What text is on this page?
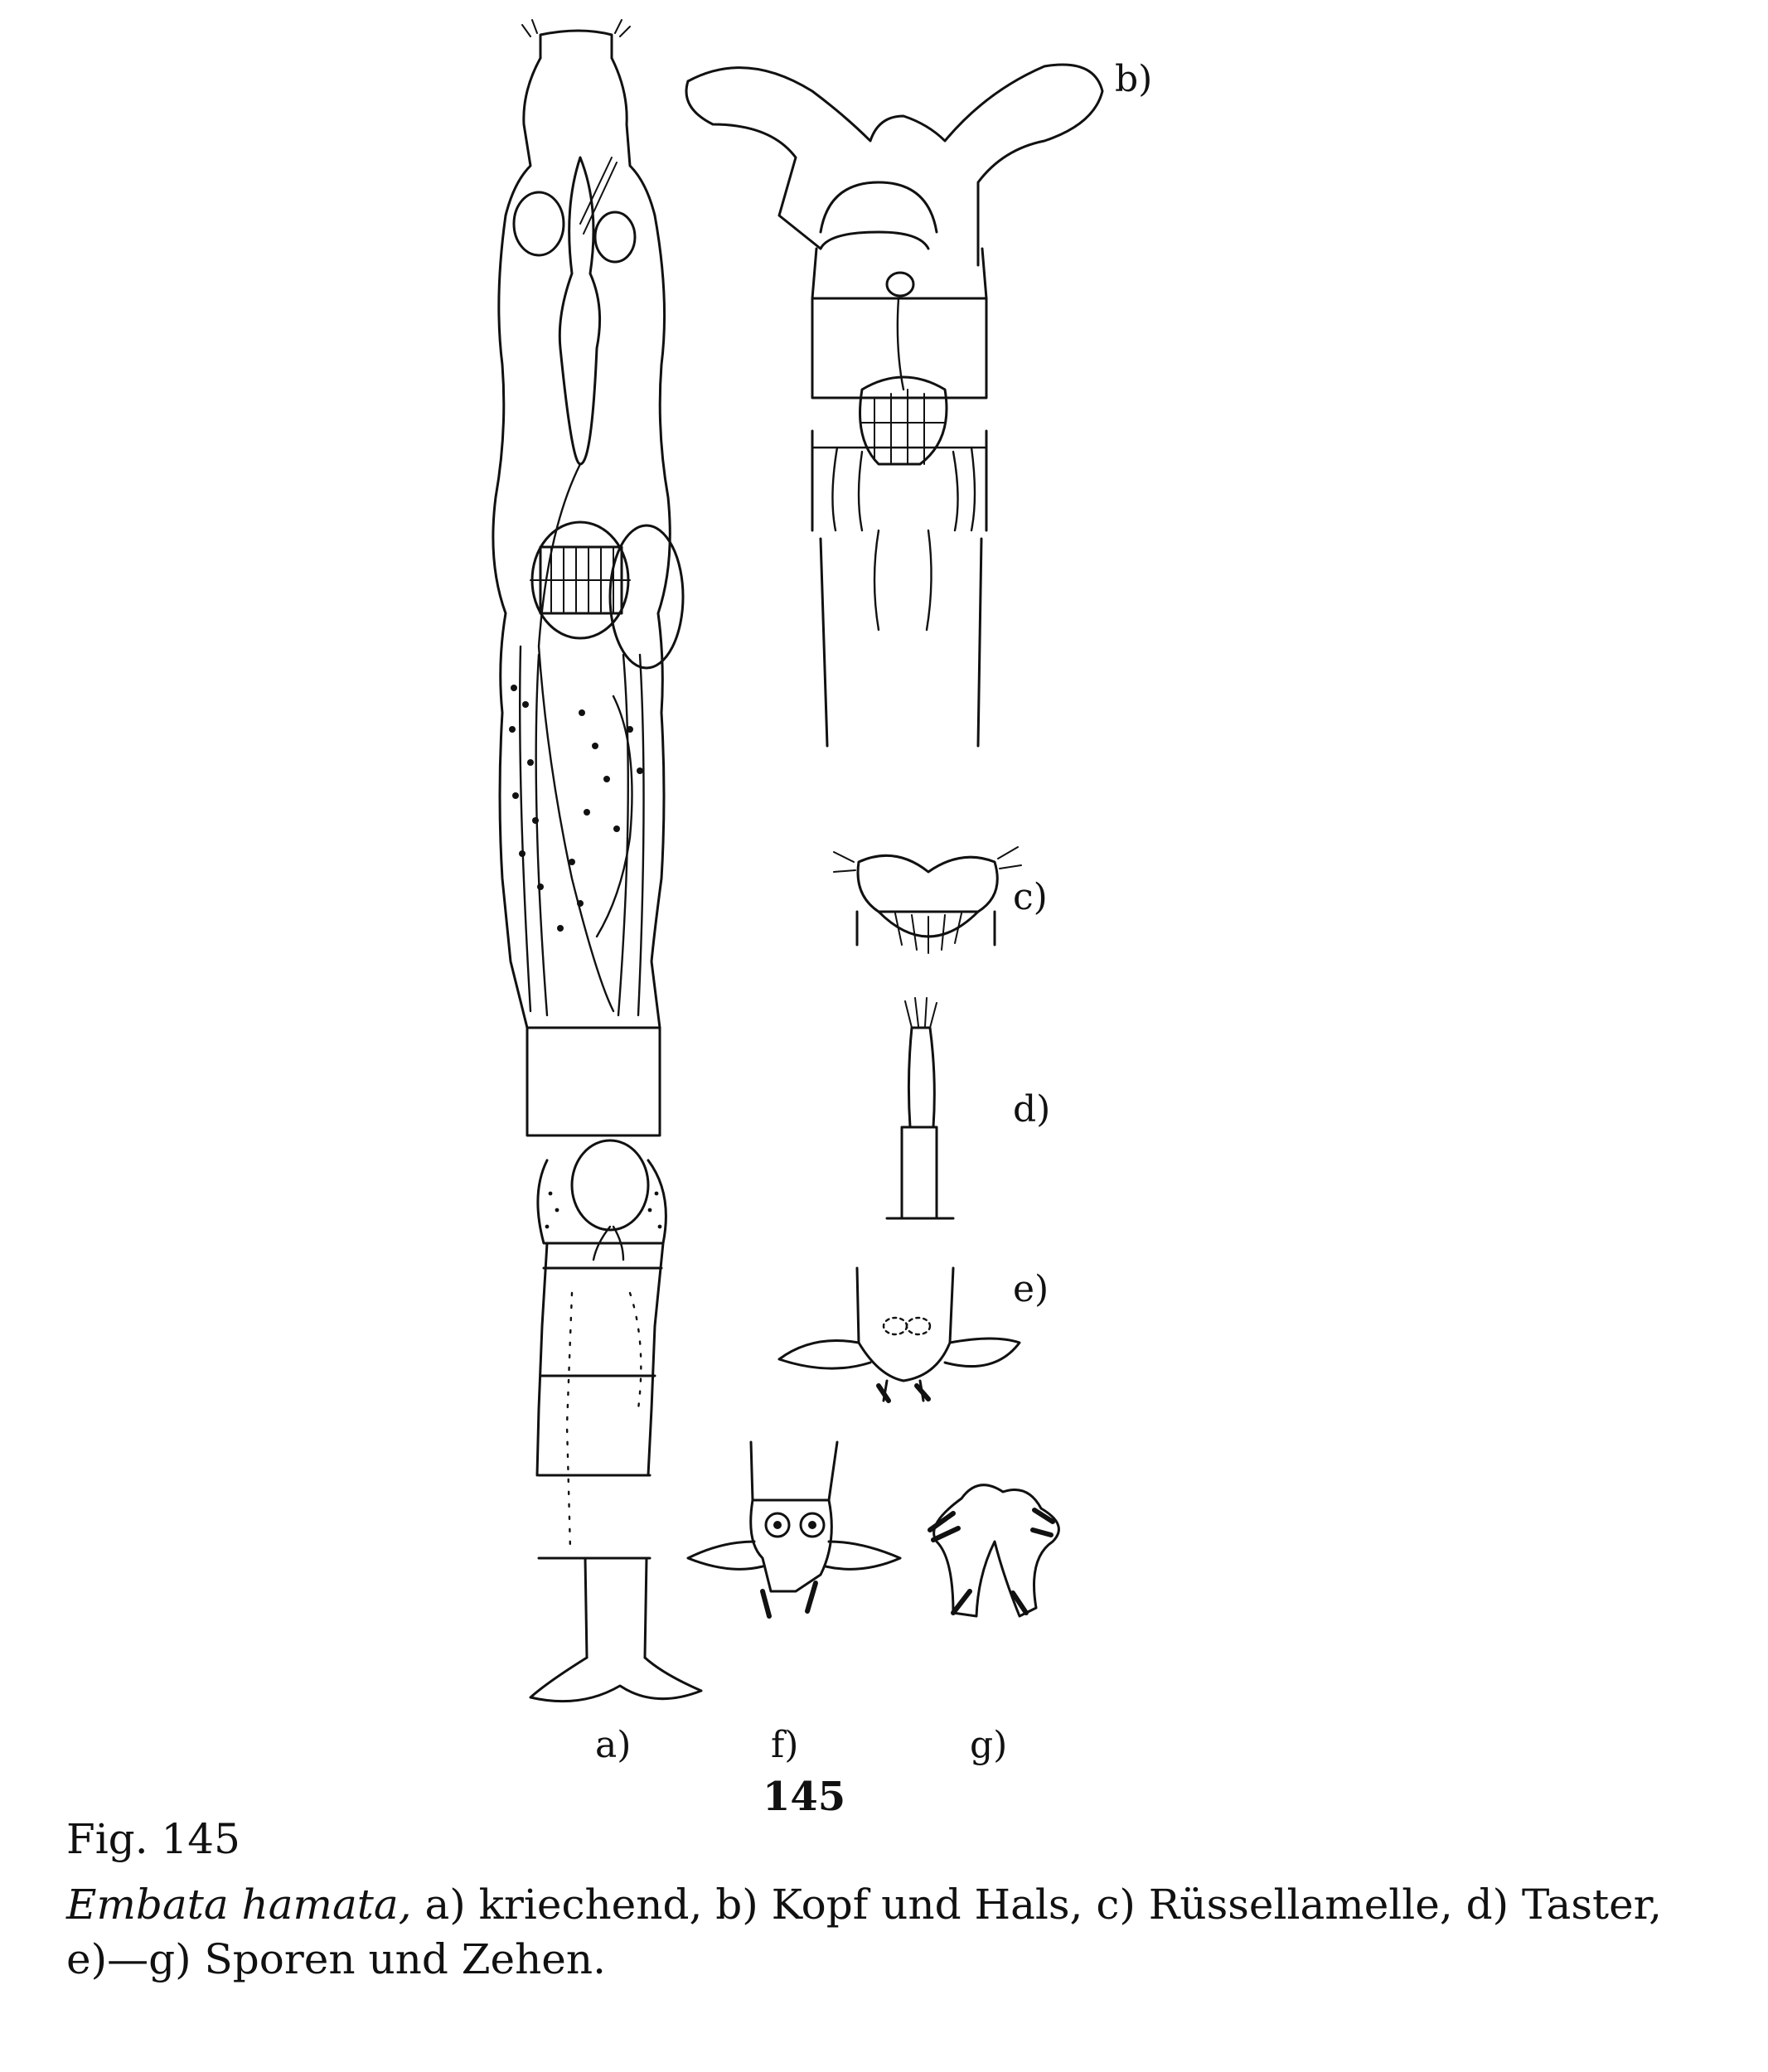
b)
c)
d)
e)
a)	f)	g)
145
Fig. 145
Embata hamata, a) kriechend, b) Kopf und Hals, c) Rüssellamelle, d) Taster,
e)—g) Sporen und Zehen.
